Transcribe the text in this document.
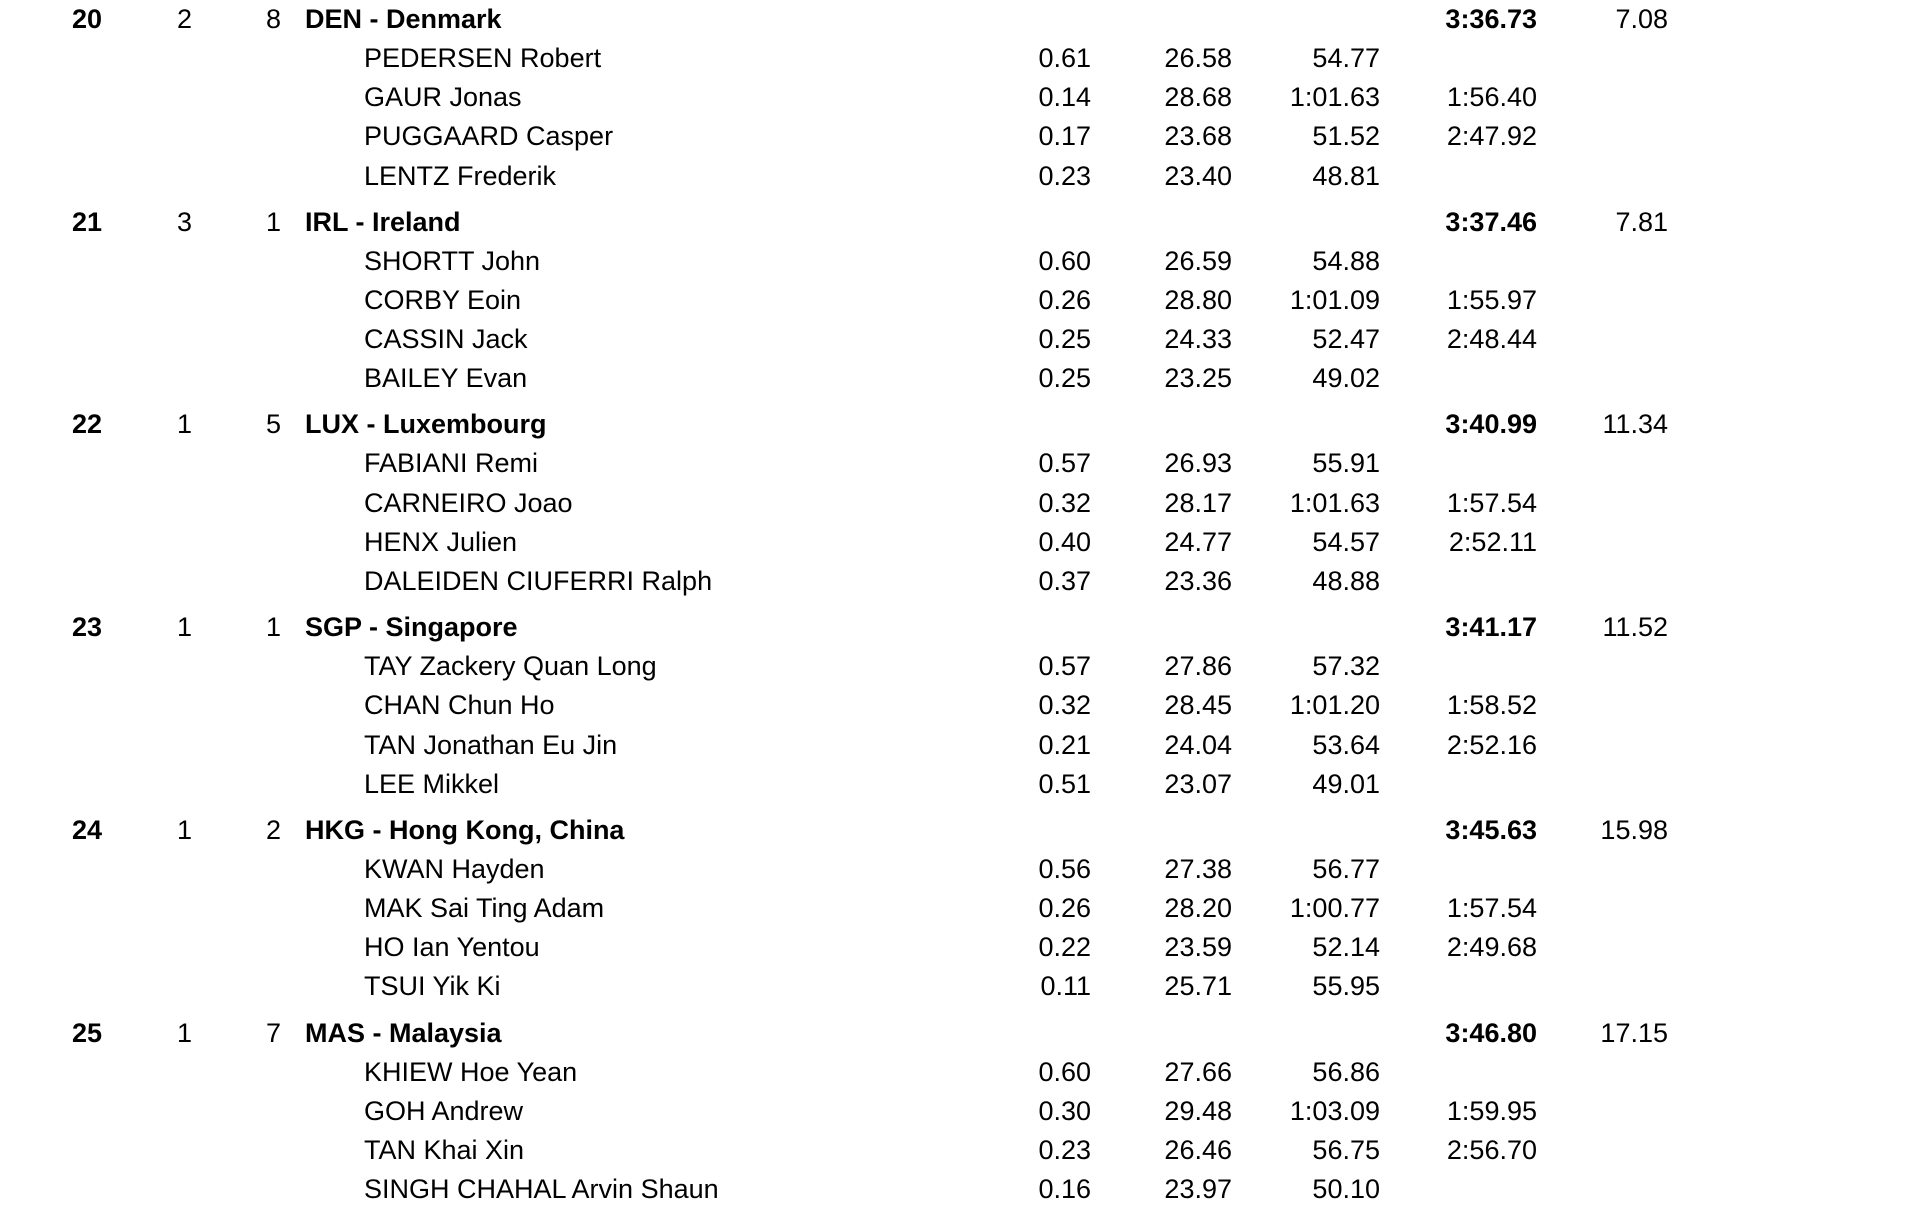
20	2	8 DEN - Denmark	3:36.73	7.08
PEDERSEN Robert	0.61	26.58	54.77
GAUR Jonas	0.14	28.68 1:01.63 1:56.40
PUGGAARD Casper	0.17	23.68	51.52 2:47.92
LENTZ Frederik	0.23	23.40	48.81
21	3	1 IRL - Ireland	3:37.46	7.81
SHORTT John	0.60	26.59	54.88
CORBY Eoin	0.26	28.80 1:01.09 1:55.97
CASSIN Jack	0.25	24.33	52.47 2:48.44
BAILEY Evan	0.25	23.25	49.02
22	1	5 LUX - Luxembourg	3:40.99 11.34
FABIANI Remi	0.57	26.93	55.91
CARNEIRO Joao	0.32	28.17 1:01.63 1:57.54
HENX Julien	0.40	24.77	54.57	2:52.11
DALEIDEN CIUFERRI Ralph	0.37	23.36	48.88
23	1	1 SGP - Singapore	3:41.17 11.52
TAY Zackery Quan Long	0.57	27.86	57.32
CHAN Chun Ho	0.32	28.45 1:01.20 1:58.52
TAN Jonathan Eu Jin	0.21	24.04	53.64 2:52.16
LEE Mikkel	0.51	23.07	49.01
24	1	2 HKG - Hong Kong, China	3:45.63 15.98
KWAN Hayden	0.56	27.38	56.77
MAK Sai Ting Adam	0.26	28.20 1:00.77 1:57.54
HO Ian Yentou	0.22	23.59	52.14 2:49.68
TSUI Yik Ki	0.11	25.71	55.95
25	1	7 MAS - Malaysia	3:46.80 17.15
KHIEW Hoe Yean	0.60	27.66	56.86
GOH Andrew	0.30	29.48 1:03.09 1:59.95
TAN Khai Xin	0.23	26.46	56.75 2:56.70
SINGH CHAHAL Arvin Shaun	0.16	23.97	50.10
